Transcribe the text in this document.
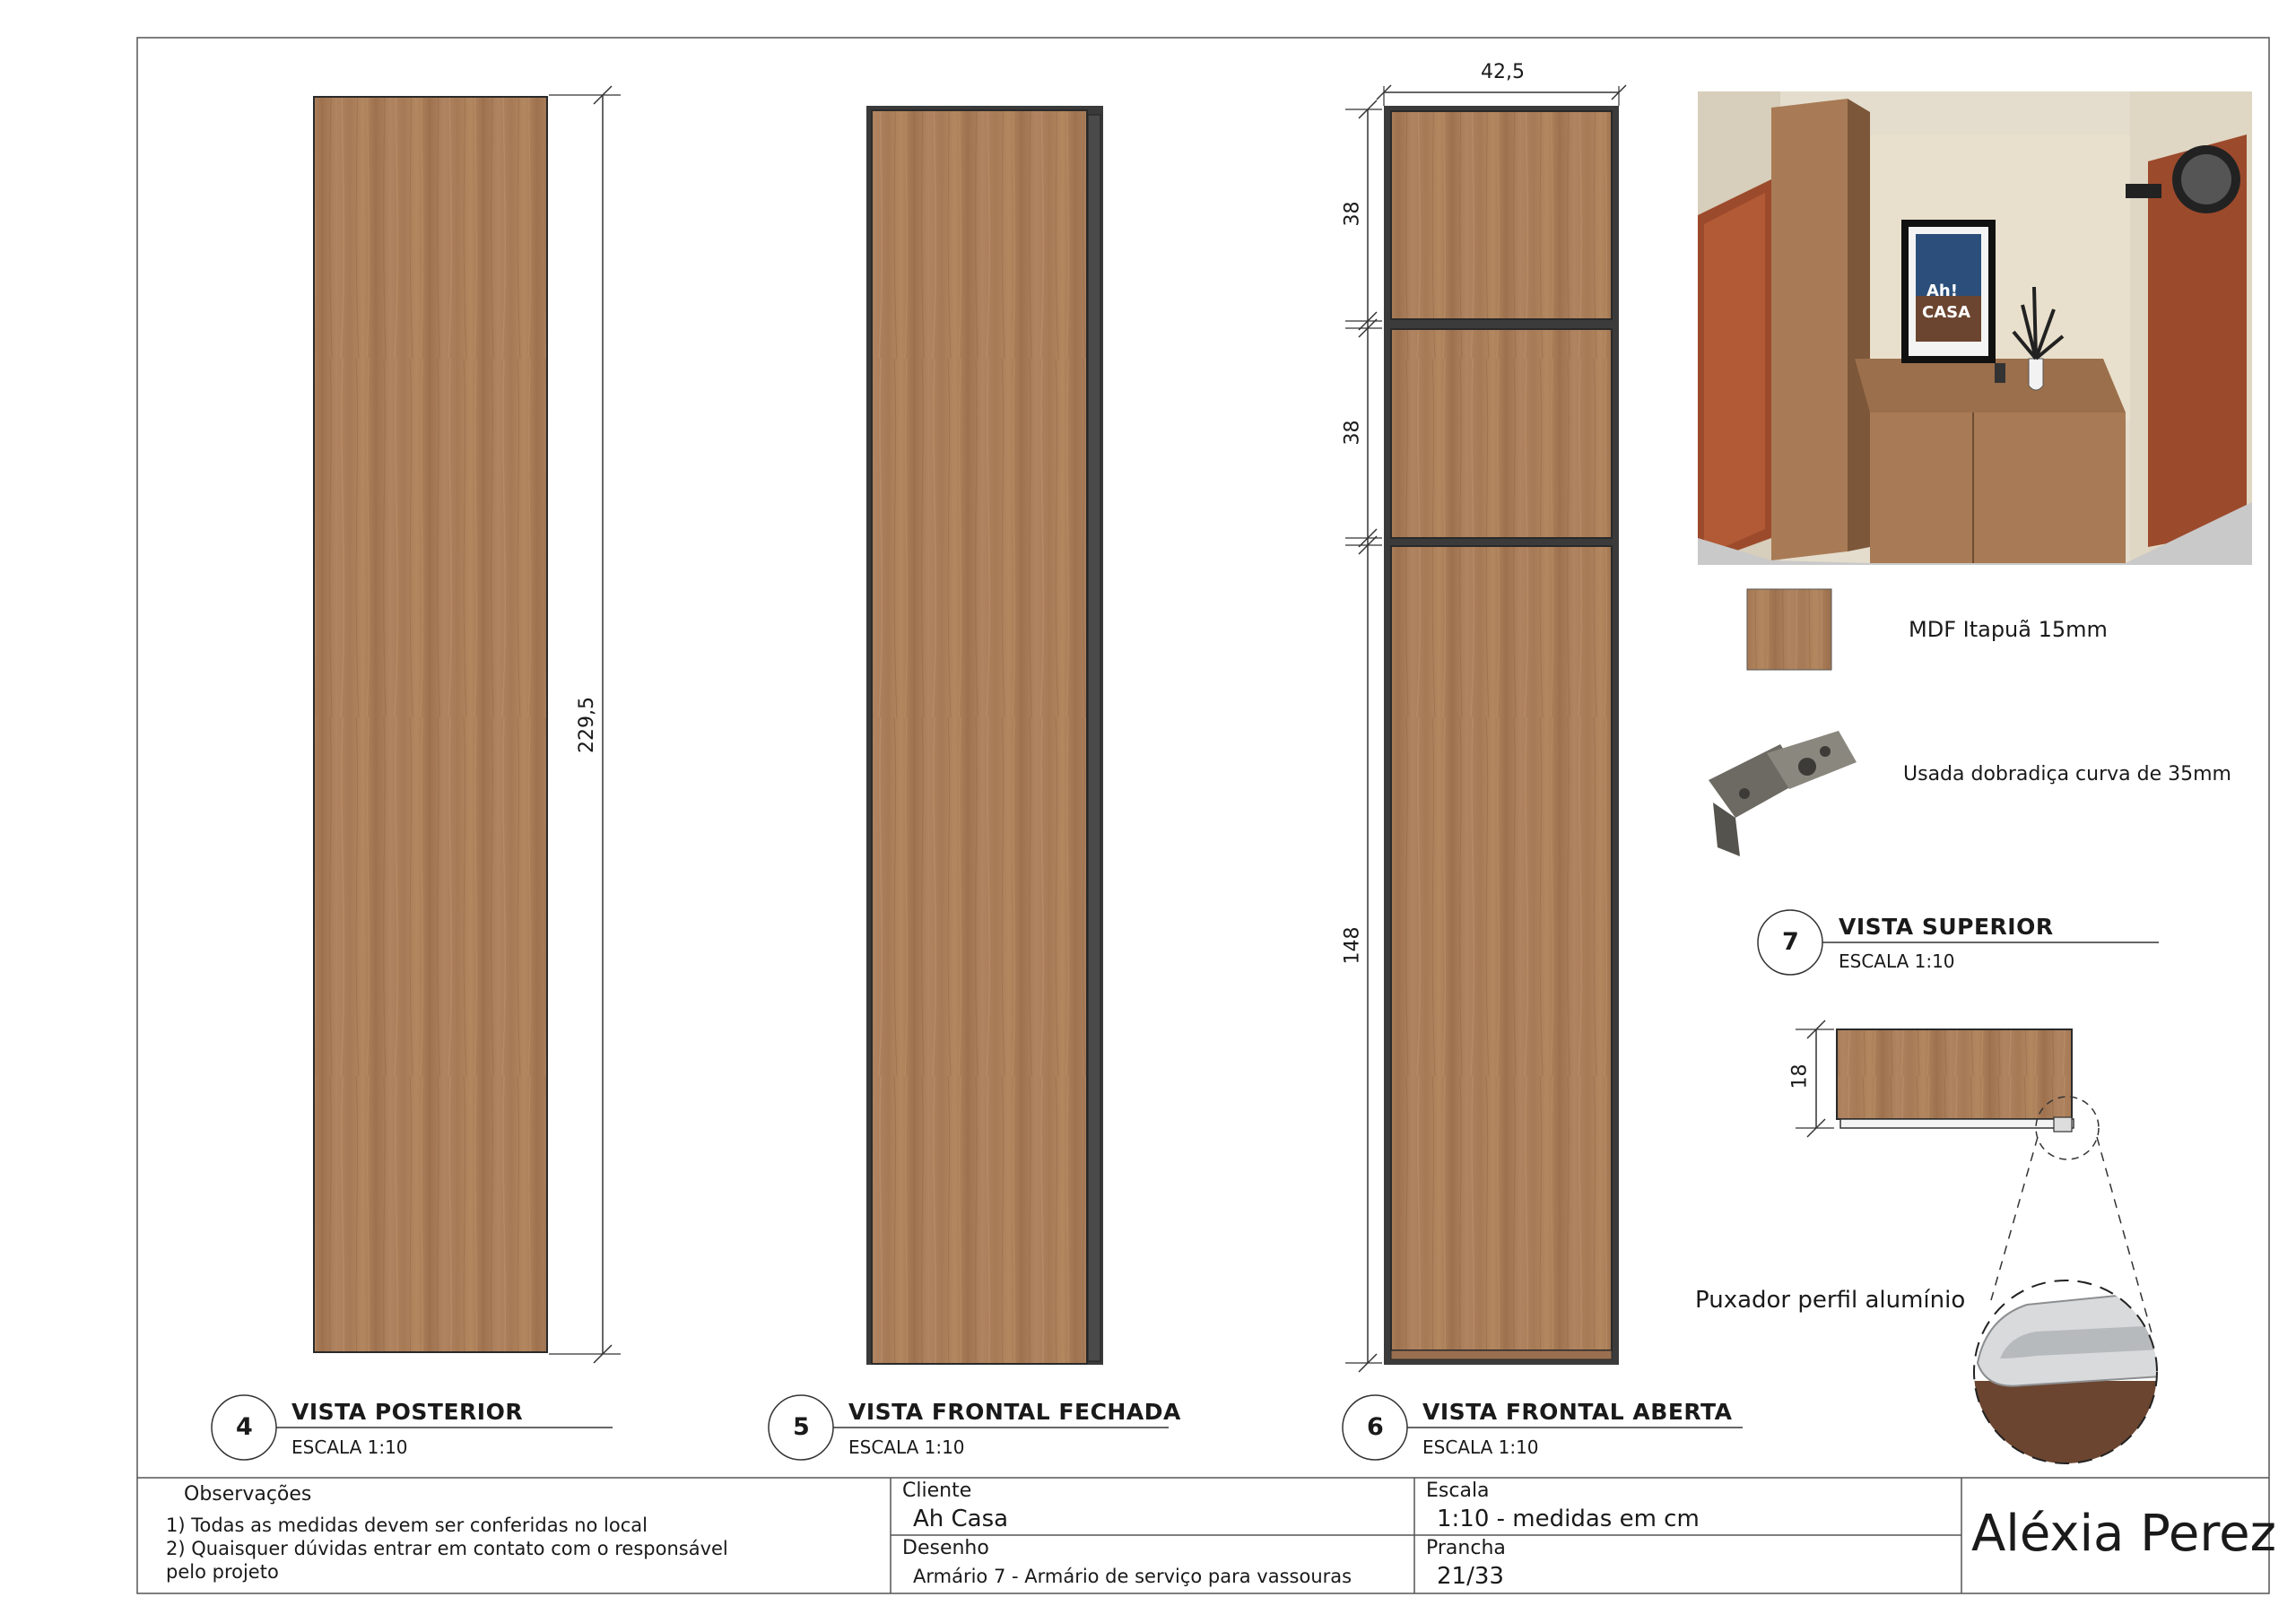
Ah!
CASA
229,5
42,5
38
38
148
18
4
VISTA POSTERIOR
ESCALA 1:10
5
VISTA FRONTAL FECHADA
ESCALA 1:10
6
VISTA FRONTAL ABERTA
ESCALA 1:10
7
VISTA SUPERIOR
ESCALA 1:10
MDF Itapuã 15mm
Usada dobradiça curva de 35mm
Puxador perfil alumínio
Observações
1) Todas as medidas devem ser conferidas no local
2) Quaisquer dúvidas entrar em contato com o responsável
pelo projeto
Cliente
Ah Casa
Desenho
Armário 7 - Armário de serviço para vassouras
Escala
1:10 - medidas em cm
Prancha
21/33
Aléxia Perez
